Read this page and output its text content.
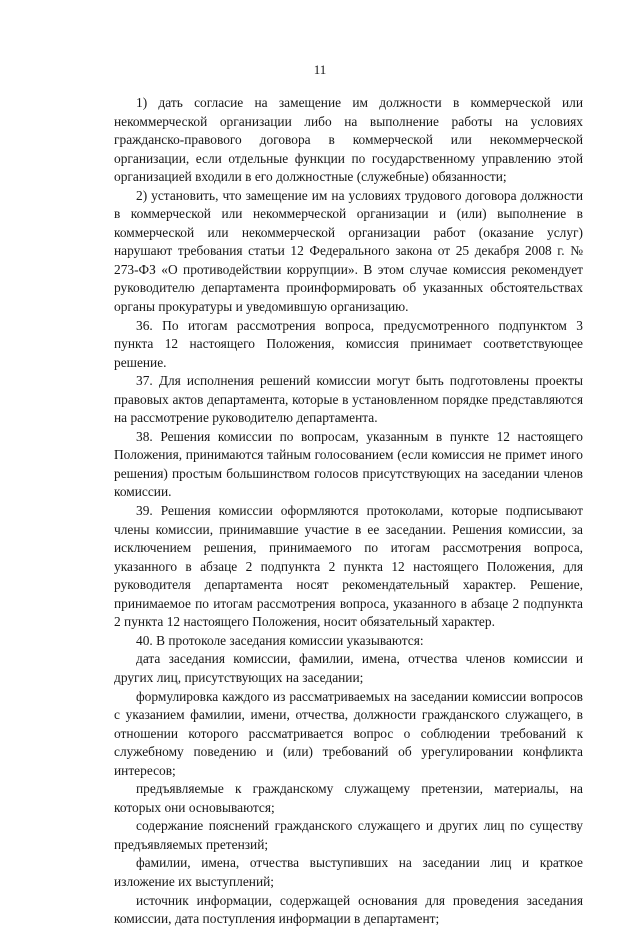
11

1) дать согласие на замещение им должности в коммерческой или некоммерческой организации либо на выполнение работы на условиях гражданско-правового договора в коммерческой или некоммерческой организации, если отдельные функции по государственному управлению этой организацией входили в его должностные (служебные) обязанности;

2) установить, что замещение им на условиях трудового договора должности в коммерческой или некоммерческой организации и (или) выполнение в коммерческой или некоммерческой организации работ (оказание услуг) нарушают требования статьи 12 Федерального закона от 25 декабря 2008 г. № 273-ФЗ «О противодействии коррупции». В этом случае комиссия рекомендует руководителю департамента проинформировать об указанных обстоятельствах органы прокуратуры и уведомившую организацию.

36. По итогам рассмотрения вопроса, предусмотренного подпунктом 3 пункта 12 настоящего Положения, комиссия принимает соответствующее решение.

37. Для исполнения решений комиссии могут быть подготовлены проекты правовых актов департамента, которые в установленном порядке представляются на рассмотрение руководителю департамента.

38. Решения комиссии по вопросам, указанным в пункте 12 настоящего Положения, принимаются тайным голосованием (если комиссия не примет иного решения) простым большинством голосов присутствующих на заседании членов комиссии.

39. Решения комиссии оформляются протоколами, которые подписывают члены комиссии, принимавшие участие в ее заседании. Решения комиссии, за исключением решения, принимаемого по итогам рассмотрения вопроса, указанного в абзаце 2 подпункта 2 пункта 12 настоящего Положения, для руководителя департамента носят рекомендательный характер. Решение, принимаемое по итогам рассмотрения вопроса, указанного в абзаце 2 подпункта 2 пункта 12 настоящего Положения, носит обязательный характер.

40. В протоколе заседания комиссии указываются:

дата заседания комиссии, фамилии, имена, отчества членов комиссии и других лиц, присутствующих на заседании;

формулировка каждого из рассматриваемых на заседании комиссии вопросов с указанием фамилии, имени, отчества, должности гражданского служащего, в отношении которого рассматривается вопрос о соблюдении требований к служебному поведению и (или) требований об урегулировании конфликта интересов;

предъявляемые к гражданскому служащему претензии, материалы, на которых они основываются;

содержание пояснений гражданского служащего и других лиц по существу предъявляемых претензий;

фамилии, имена, отчества выступивших на заседании лиц и краткое изложение их выступлений;

источник информации, содержащей основания для проведения заседания комиссии, дата поступления информации в департамент;
